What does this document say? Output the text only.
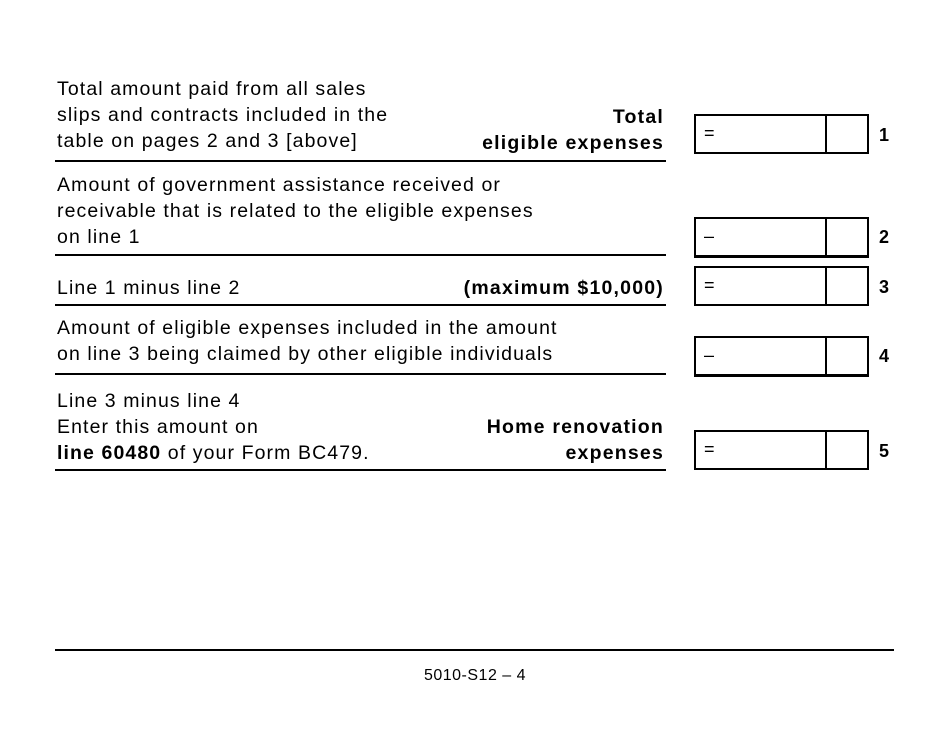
Total amount paid from all sales
slips and contracts included in the
table on pages 2 and 3 [above]
Total
eligible expenses =	1
Amount of government assistance received or
receivable that is related to the eligible expenses
on line 1	–	2
Line 1 minus line 2	(maximum $10,000) =	3
Amount of eligible expenses included in the amount
on line 3 being claimed by other eligible individuals	–	4
Line 3 minus line 4
Enter this amount on
line 60480 of your Form BC479.
Home renovation
expenses =	5
5010-S12 – 4
